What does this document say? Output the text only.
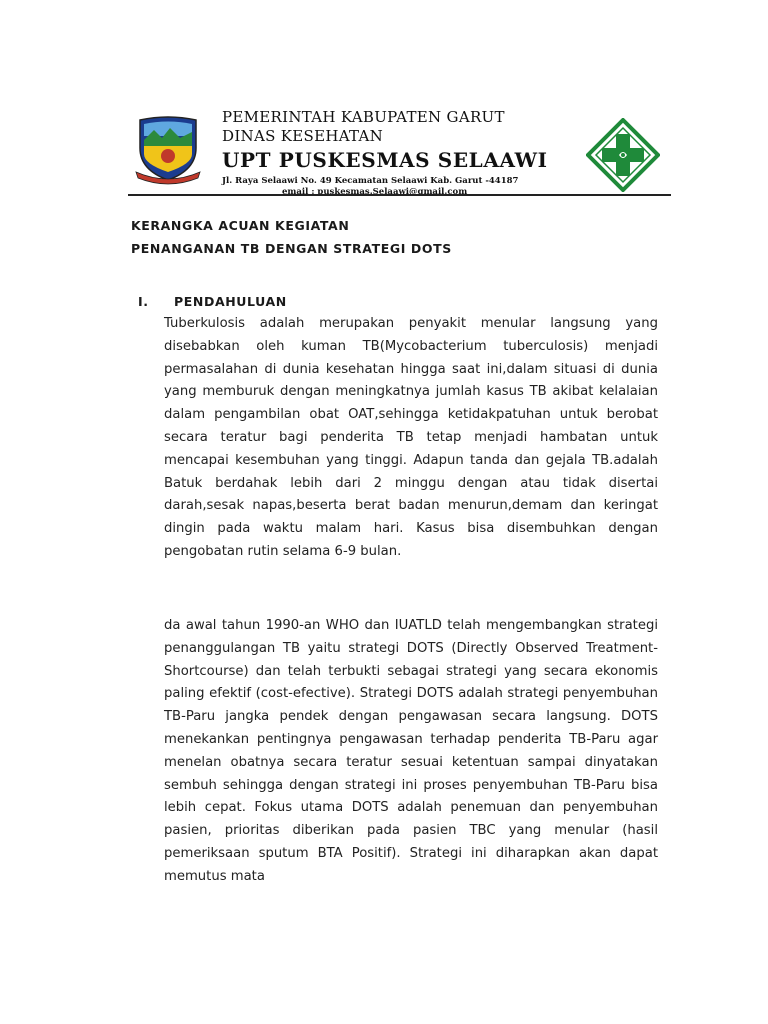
PEMERINTAH KABUPATEN GARUT
DINAS KESEHATAN
UPT PUSKESMAS SELAAWI
Jl. Raya Selaawi No. 49 Kecamatan Selaawi Kab. Garut -44187
email : puskesmas.Selaawi@gmail.com
KERANGKA ACUAN KEGIATAN
PENANGANAN TB DENGAN STRATEGI DOTS
I. PENDAHULUAN
Tuberkulosis adalah merupakan penyakit menular langsung yang disebabkan oleh kuman TB(Mycobacterium tuberculosis) menjadi permasalahan di dunia kesehatan hingga saat ini,dalam situasi di dunia yang memburuk dengan meningkatnya jumlah kasus TB akibat kelalaian dalam pengambilan obat OAT,sehingga ketidakpatuhan untuk berobat secara teratur bagi penderita TB tetap menjadi hambatan untuk mencapai kesembuhan yang tinggi. Adapun tanda dan gejala TB.adalah Batuk berdahak lebih dari 2 minggu dengan atau tidak disertai darah,sesak napas,beserta berat badan menurun,demam dan keringat dingin pada waktu malam hari. Kasus bisa disembuhkan dengan pengobatan rutin selama 6-9 bulan.
da awal tahun 1990-an WHO dan IUATLD telah mengembangkan strategi penanggulangan TB yaitu strategi DOTS (Directly Observed Treatment-Shortcourse) dan telah terbukti sebagai strategi yang secara ekonomis paling efektif (cost-efective). Strategi DOTS adalah strategi penyembuhan TB-Paru jangka pendek dengan pengawasan secara langsung. DOTS menekankan pentingnya pengawasan terhadap penderita TB-Paru agar menelan obatnya secara teratur sesuai ketentuan sampai dinyatakan sembuh sehingga dengan strategi ini proses penyembuhan TB-Paru bisa lebih cepat. Fokus utama DOTS adalah penemuan dan penyembuhan pasien, prioritas diberikan pada pasien TBC yang menular (hasil pemeriksaan sputum BTA Positif). Strategi ini diharapkan akan dapat memutus mata
